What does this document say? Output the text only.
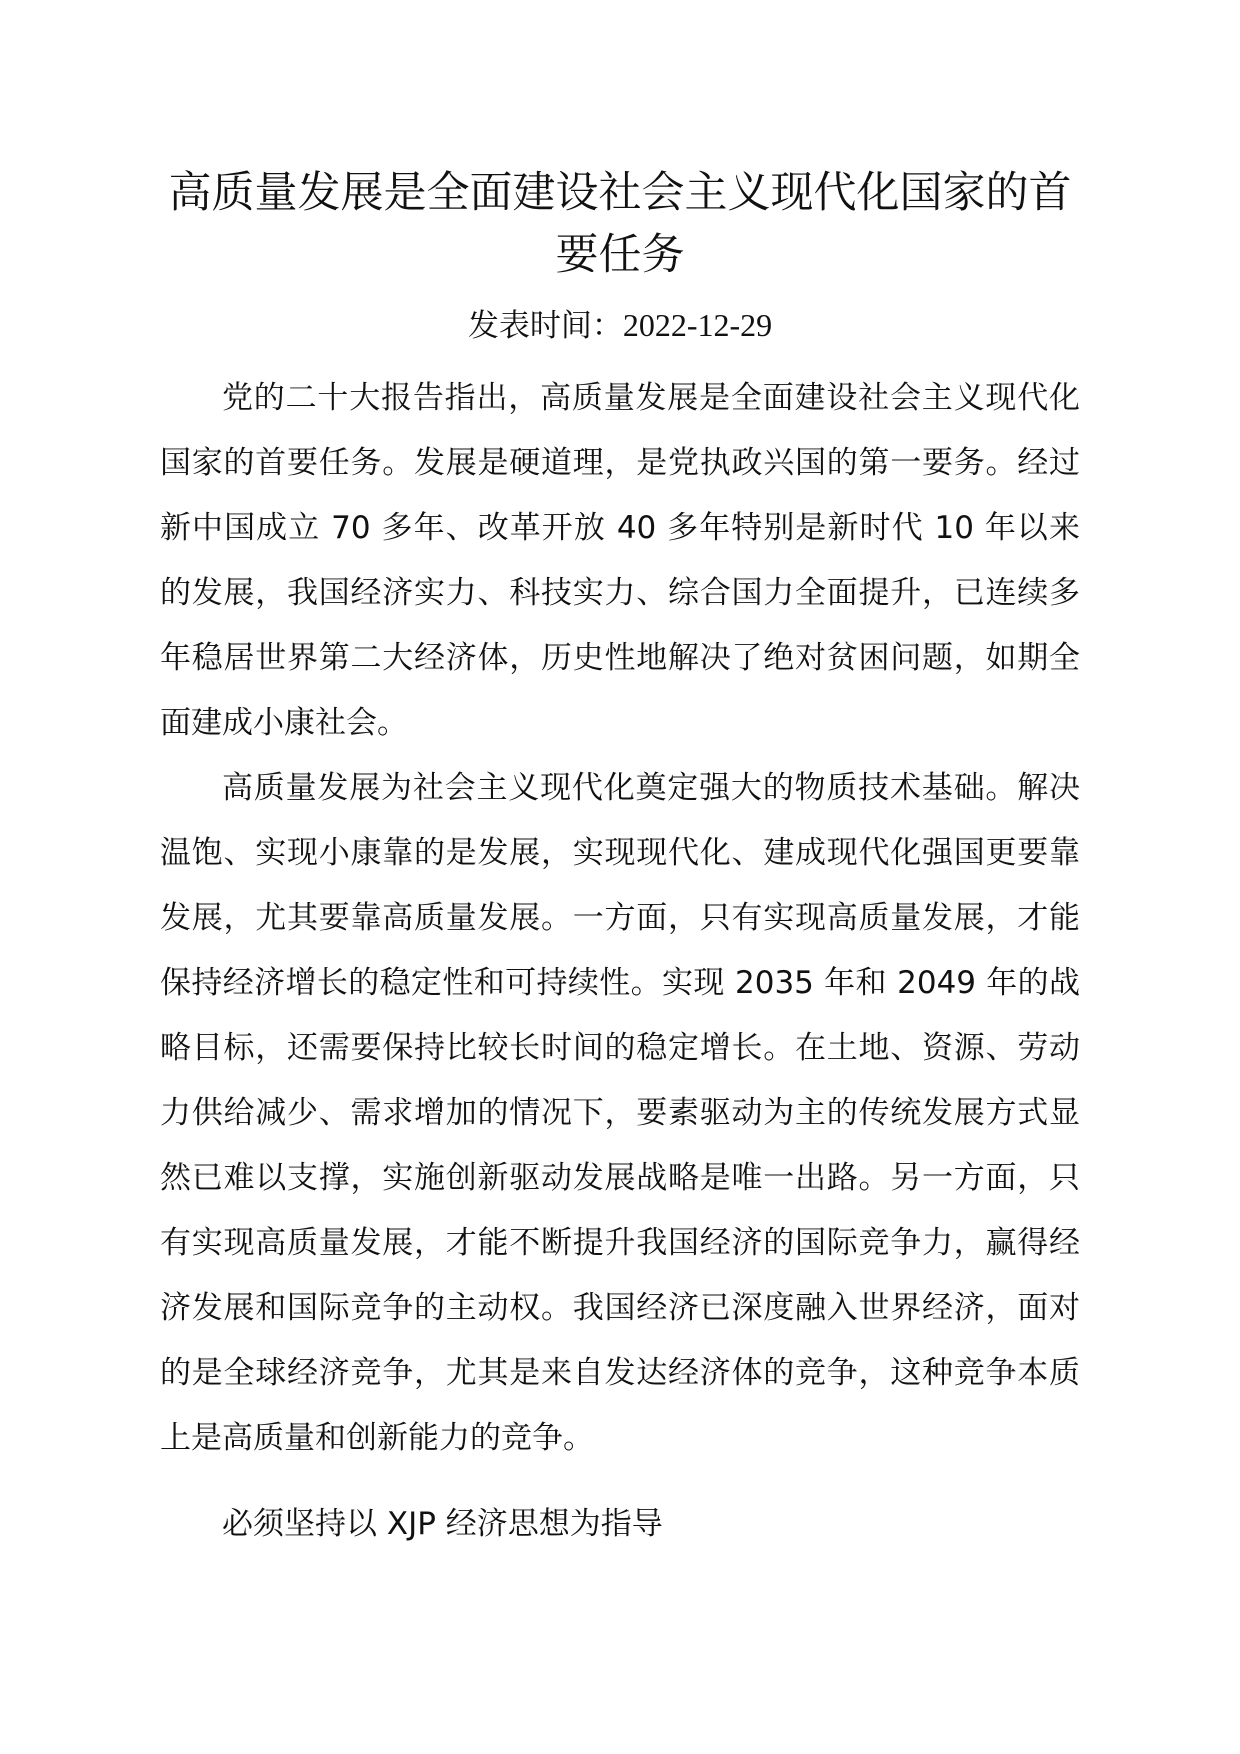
高质量发展是全面建设社会主义现代化国家的首要任务
发表时间：2022-12-29

党的二十大报告指出，高质量发展是全面建设社会主义现代化国家的首要任务。发展是硬道理，是党执政兴国的第一要务。经过新中国成立 70 多年、改革开放 40 多年特别是新时代 10 年以来的发展，我国经济实力、科技实力、综合国力全面提升，已连续多年稳居世界第二大经济体，历史性地解决了绝对贫困问题，如期全面建成小康社会。

高质量发展为社会主义现代化奠定强大的物质技术基础。解决温饱、实现小康靠的是发展，实现现代化、建成现代化强国更要靠发展，尤其要靠高质量发展。一方面，只有实现高质量发展，才能保持经济增长的稳定性和可持续性。实现 2035 年和 2049 年的战略目标，还需要保持比较长时间的稳定增长。在土地、资源、劳动力供给减少、需求增加的情况下，要素驱动为主的传统发展方式显然已难以支撑，实施创新驱动发展战略是唯一出路。另一方面，只有实现高质量发展，才能不断提升我国经济的国际竞争力，赢得经济发展和国际竞争的主动权。我国经济已深度融入世界经济，面对的是全球经济竞争，尤其是来自发达经济体的竞争，这种竞争本质上是高质量和创新能力的竞争。

必须坚持以 XJP 经济思想为指导
